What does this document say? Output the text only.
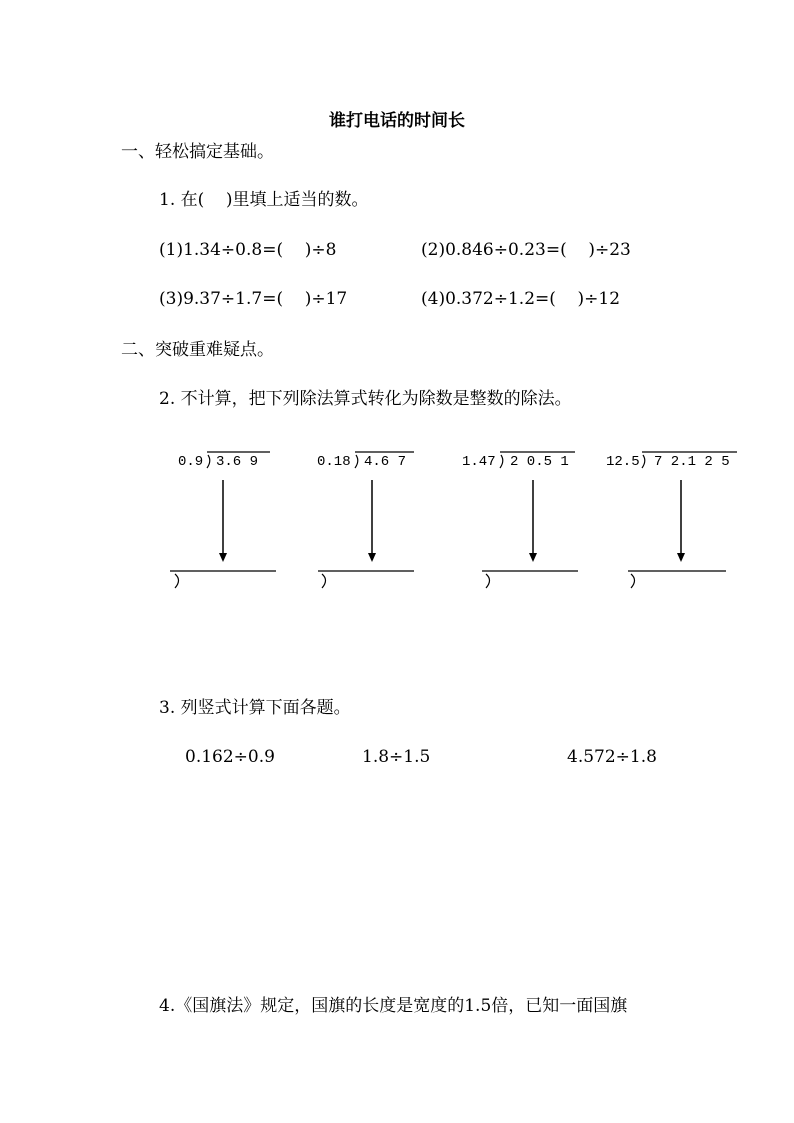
谁打电话的时间长
一、轻松搞定基础。
1. 在(    )里填上适当的数。
(1)1.34÷0.8=(    )÷8	(2)0.846÷0.23=(    )÷23
(3)9.37÷1.7=(    )÷17	(4)0.372÷1.2=(    )÷12
二、突破重难疑点。
2. 不计算，把下列除法算式转化为除数是整数的除法。
0.9 3.6 9	0.18 4.6 7	1.47 2 0.5 1	12.5 7 2.1 2 5
3. 列竖式计算下面各题。
0.162÷0.9	1.8÷1.5	4.572÷1.8
4.《国旗法》规定，国旗的长度是宽度的1.5倍，已知一面国旗
